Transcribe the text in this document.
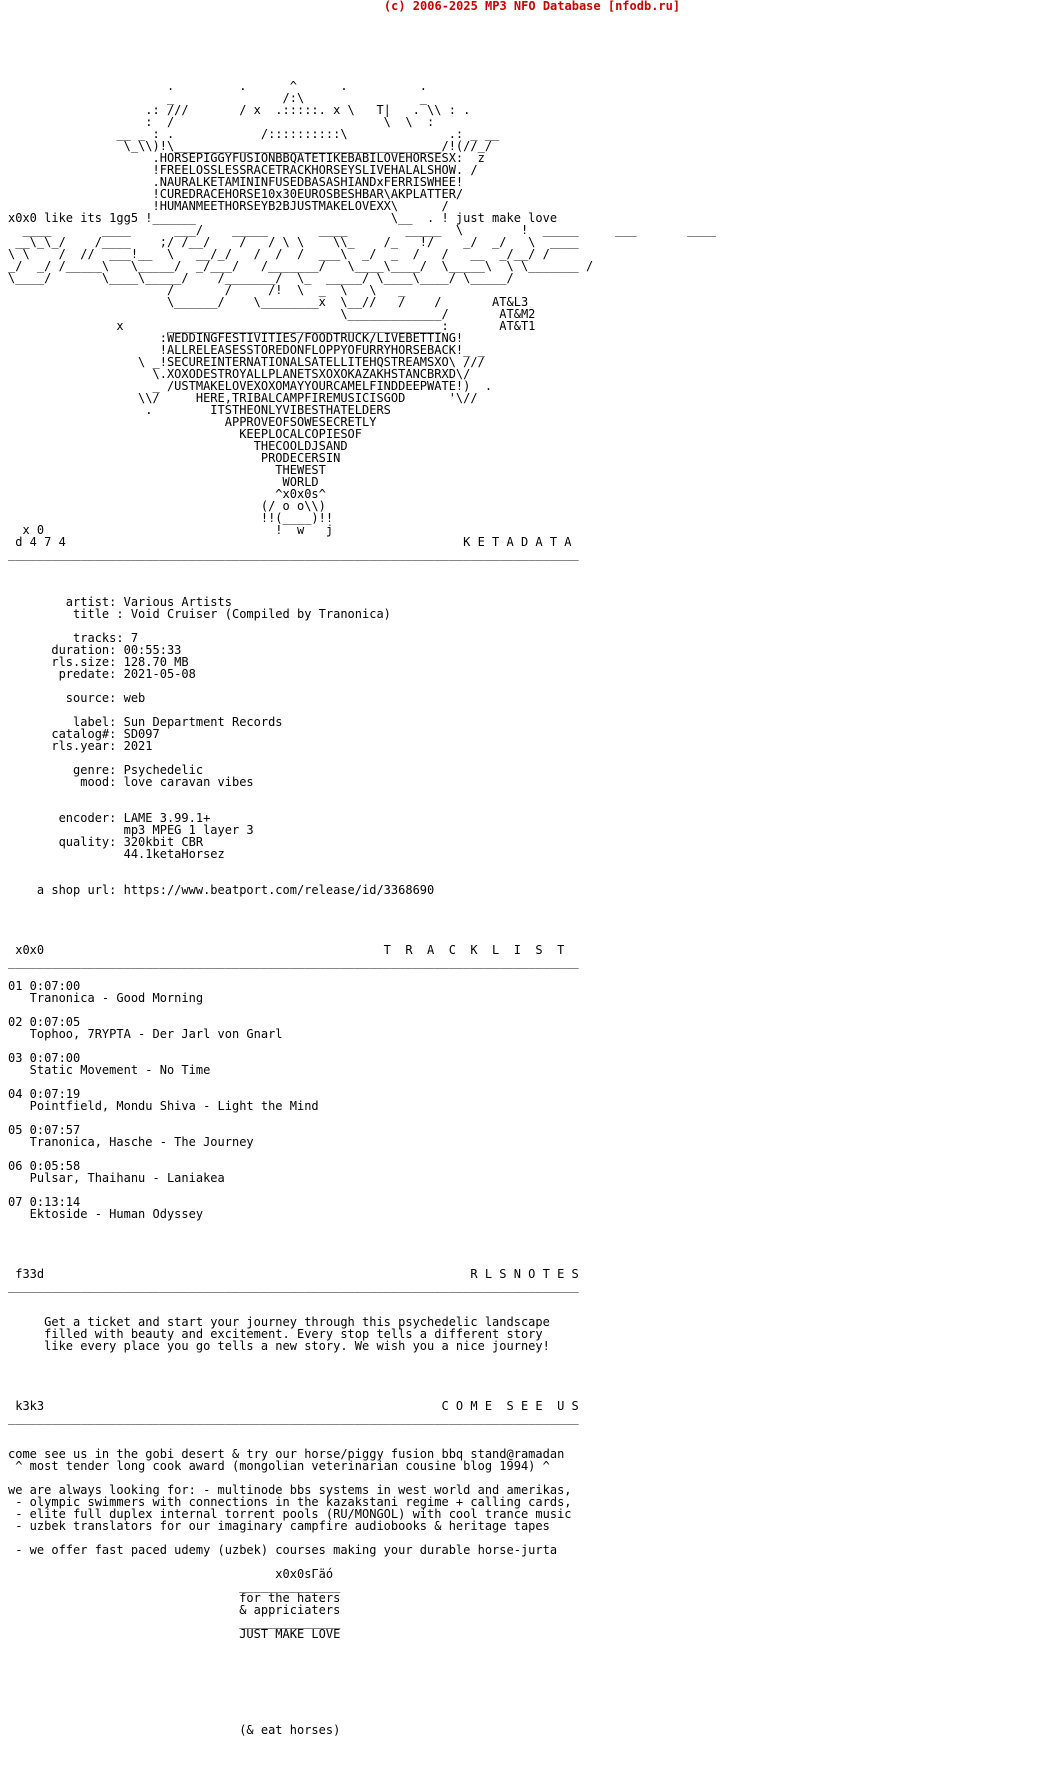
(c) 2006-2025 MP3 NFO Database [nfodb.ru]
.         .      ^      .          .
_               /:\                _
.: ///       / x  .:::::. x \   T|   . \\ : .
:  /                             \  \  :
__ _ : .            /::::::::::\              .: _ __
\_\\)!\_____________________________________/!(//_/
.HORSEPIGGYFUSIONBBQATETIKEBABILOVEHORSESX:  z
!FREELOSSLESSRACETRACKHORSEYSLIVEHALALSHOW. /
.NAURALKETAMININFUSEDBASASHIANDxFERRISWHEE!
!CUREDRACEHORSE10x30EUROSBESHBAR\AKPLATTER/
!HUMANMEETHORSEYB2BJUSTMAKELOVEXX\      /
x0x0 like its 1gg5 !______                           \__  . ! just make love
____       ____      ___/    _____       ____        _____  \        !  _____     ___       ____
__\_\_/    /____    ;/ /__/    /   / \ \    \\_    /_   !/    _/  _/   \  ____
\ \    /  //  ___!__  \   __/_/   /  /  /  ___\  _/  _  /   /   __  _/__/ /
_/  _/ /_____\   \_____/  _/___/   /_______/   \____\____/  \_____\  \ \_______ /
\____/       \____\_____/    /_______/  \_  _____/ \____\____/ \_____/
/       /     /!  \  _  \   \   _
\______/    \________x  \__//   /    /       AT&L3
\_____________/       AT&M2
x      ______________________________________:       AT&T1
:WEDDINGFESTIVITIES/FOODTRUCK/LIVEBETTING!
!ALLRELEASESSTOREDONFLOPPYOFURRYHORSEBACK!_ _
\ _!SECUREINTERNATIONALSATELLITEHQSTREAMSXO\ ///
\.XOXODESTROYALLPLANETSXOXOKAZAKHSTANCBRXD\/
_ /USTMAKELOVEXOXOMAYYOURCAMELFINDDEEPWATE!)  .
\\/     HERE,TRIBALCAMPFIREMUSICISGOD      '\//
.        ITSTHEONLYVIBESTHATELDERS
APPROVEOFSOWESECRETLY
KEEPLOCALCOPIESOF
THECOOLDJSAND
PRODECERSIN
THEWEST
WORLD
^x0x0s^
(/ o o\\)
!!(____)!!
x 0                                !  w   j
d 4 7 4                                                       K E T A D A T A
_______________________________________________________________________________
artist: Various Artists
title : Void Cruiser (Compiled by Tranonica)
tracks: 7
duration: 00:55:33
rls.size: 128.70 MB
predate: 2021-05-08
source: web
label: Sun Department Records
catalog#: SD097
rls.year: 2021
genre: Psychedelic
mood: love caravan vibes
encoder: LAME 3.99.1+
mp3 MPEG 1 layer 3
quality: 320kbit CBR
44.1ketaHorsez
a shop url: https://www.beatport.com/release/id/3368690
x0x0                                               T  R  A  C  K  L  I  S  T
_______________________________________________________________________________
01 0:07:00
Tranonica - Good Morning
02 0:07:05
Tophoo, 7RYPTA - Der Jarl von Gnarl
03 0:07:00
Static Movement - No Time
04 0:07:19
Pointfield, Mondu Shiva - Light the Mind
05 0:07:57
Tranonica, Hasche - The Journey
06 0:05:58
Pulsar, Thaihanu - Laniakea
07 0:13:14
Ektoside - Human Odyssey
f33d                                                           R L S N O T E S
_______________________________________________________________________________
Get a ticket and start your journey through this psychedelic landscape
filled with beauty and excitement. Every stop tells a different story
like every place you go tells a new story. We wish you a nice journey!
k3k3                                                       C O M E  S E E  U S
_______________________________________________________________________________
come see us in the gobi desert & try our horse/piggy fusion bbq stand@ramadan
^ most tender long cook award (mongolian veterinarian cousine blog 1994) ^
we are always looking for: - multinode bbs systems in west world and amerikas,
- olympic swimmers with connections in the kazakstani regime + calling cards,
- elite full duplex internal torrent pools (RU/MONGOL) with cool trance music
- uzbek translators for our imaginary campfire audiobooks & heritage tapes
- we offer fast paced udemy (uzbek) courses making your durable horse-jurta
x0x0sГäó
______________
for the haters
& appriciaters
______________
JUST MAKE LOVE
(& eat horses)
